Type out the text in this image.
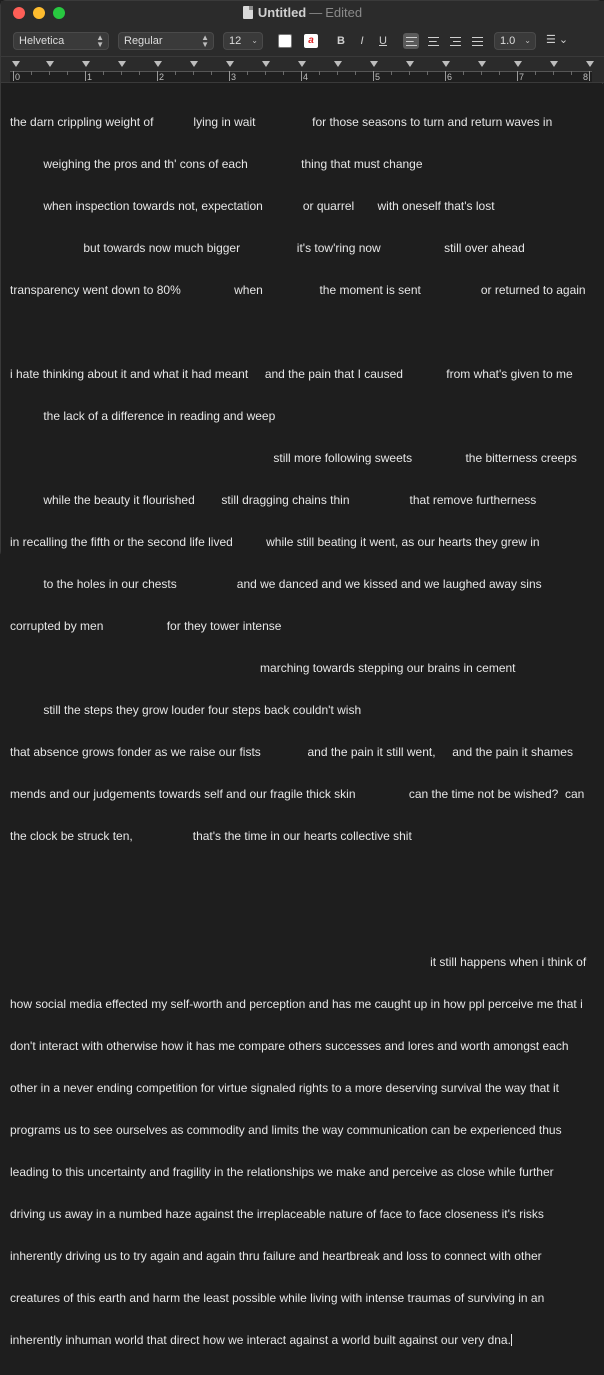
Untitled — Edited
Helvetica	▲
▼	Regular	▲
▼	12 ⌄	a	B	I	U	1.0 ⌄ ☰ ⌄
0	1	2	3	4	5	6	7	8

the darn crippling weight of            lying in wait                 for those seasons to turn and return waves in

weighing the pros and th' cons of each                thing that must change

when inspection towards not, expectation            or quarrel       with oneself that's lost

but towards now much bigger                 it's tow'ring now                   still over ahead

transparency went down to 80%                when                 the moment is sent                  or returned to again

i hate thinking about it and what it had meant     and the pain that I caused             from what's given to me

the lack of a difference in reading and weep

still more following sweets                the bitterness creeps

while the beauty it flourished        still dragging chains thin                  that remove furtherness

in recalling the fifth or the second life lived          while still beating it went, as our hearts they grew in

to the holes in our chests                  and we danced and we kissed and we laughed away sins

corrupted by men                   for they tower intense

marching towards stepping our brains in cement

still the steps they grow louder four steps back couldn't wish

that absence grows fonder as we raise our fists              and the pain it still went,     and the pain it shames

mends and our judgements towards self and our fragile thick skin                can the time not be wished?  can

the clock be struck ten,                  that's the time in our hearts collective shit

it still happens when i think of

how social media effected my self-worth and perception and has me caught up in how ppl perceive me that i

don't interact with otherwise how it has me compare others successes and lores and worth amongst each

other in a never ending competition for virtue signaled rights to a more deserving survival the way that it

programs us to see ourselves as commodity and limits the way communication can be experienced thus

leading to this uncertainty and fragility in the relationships we make and perceive as close while further

driving us away in a numbed haze against the irreplaceable nature of face to face closeness it's risks

inherently driving us to try again and again thru failure and heartbreak and loss to connect with other

creatures of this earth and harm the least possible while living with intense traumas of surviving in an

inherently inhuman world that direct how we interact against a world built against our very dna.
